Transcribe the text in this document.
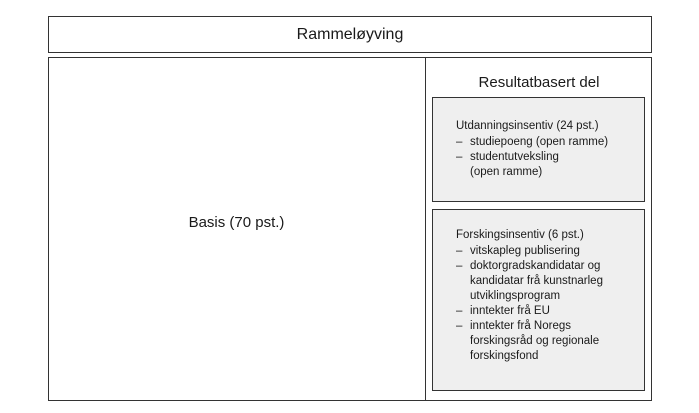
Rammeløyving
Basis (70 pst.)
Resultatbasert del
Utdanningsinsentiv (24 pst.)
– studiepoeng (open ramme)
– studentutveksling
(open ramme)
Forskingsinsentiv (6 pst.)
– vitskapleg publisering
– doktorgradskandidatar og
kandidatar frå kunstnarleg
utviklingsprogram
– inntekter frå EU
– inntekter frå Noregs
forskingsråd og regionale
forskingsfond
